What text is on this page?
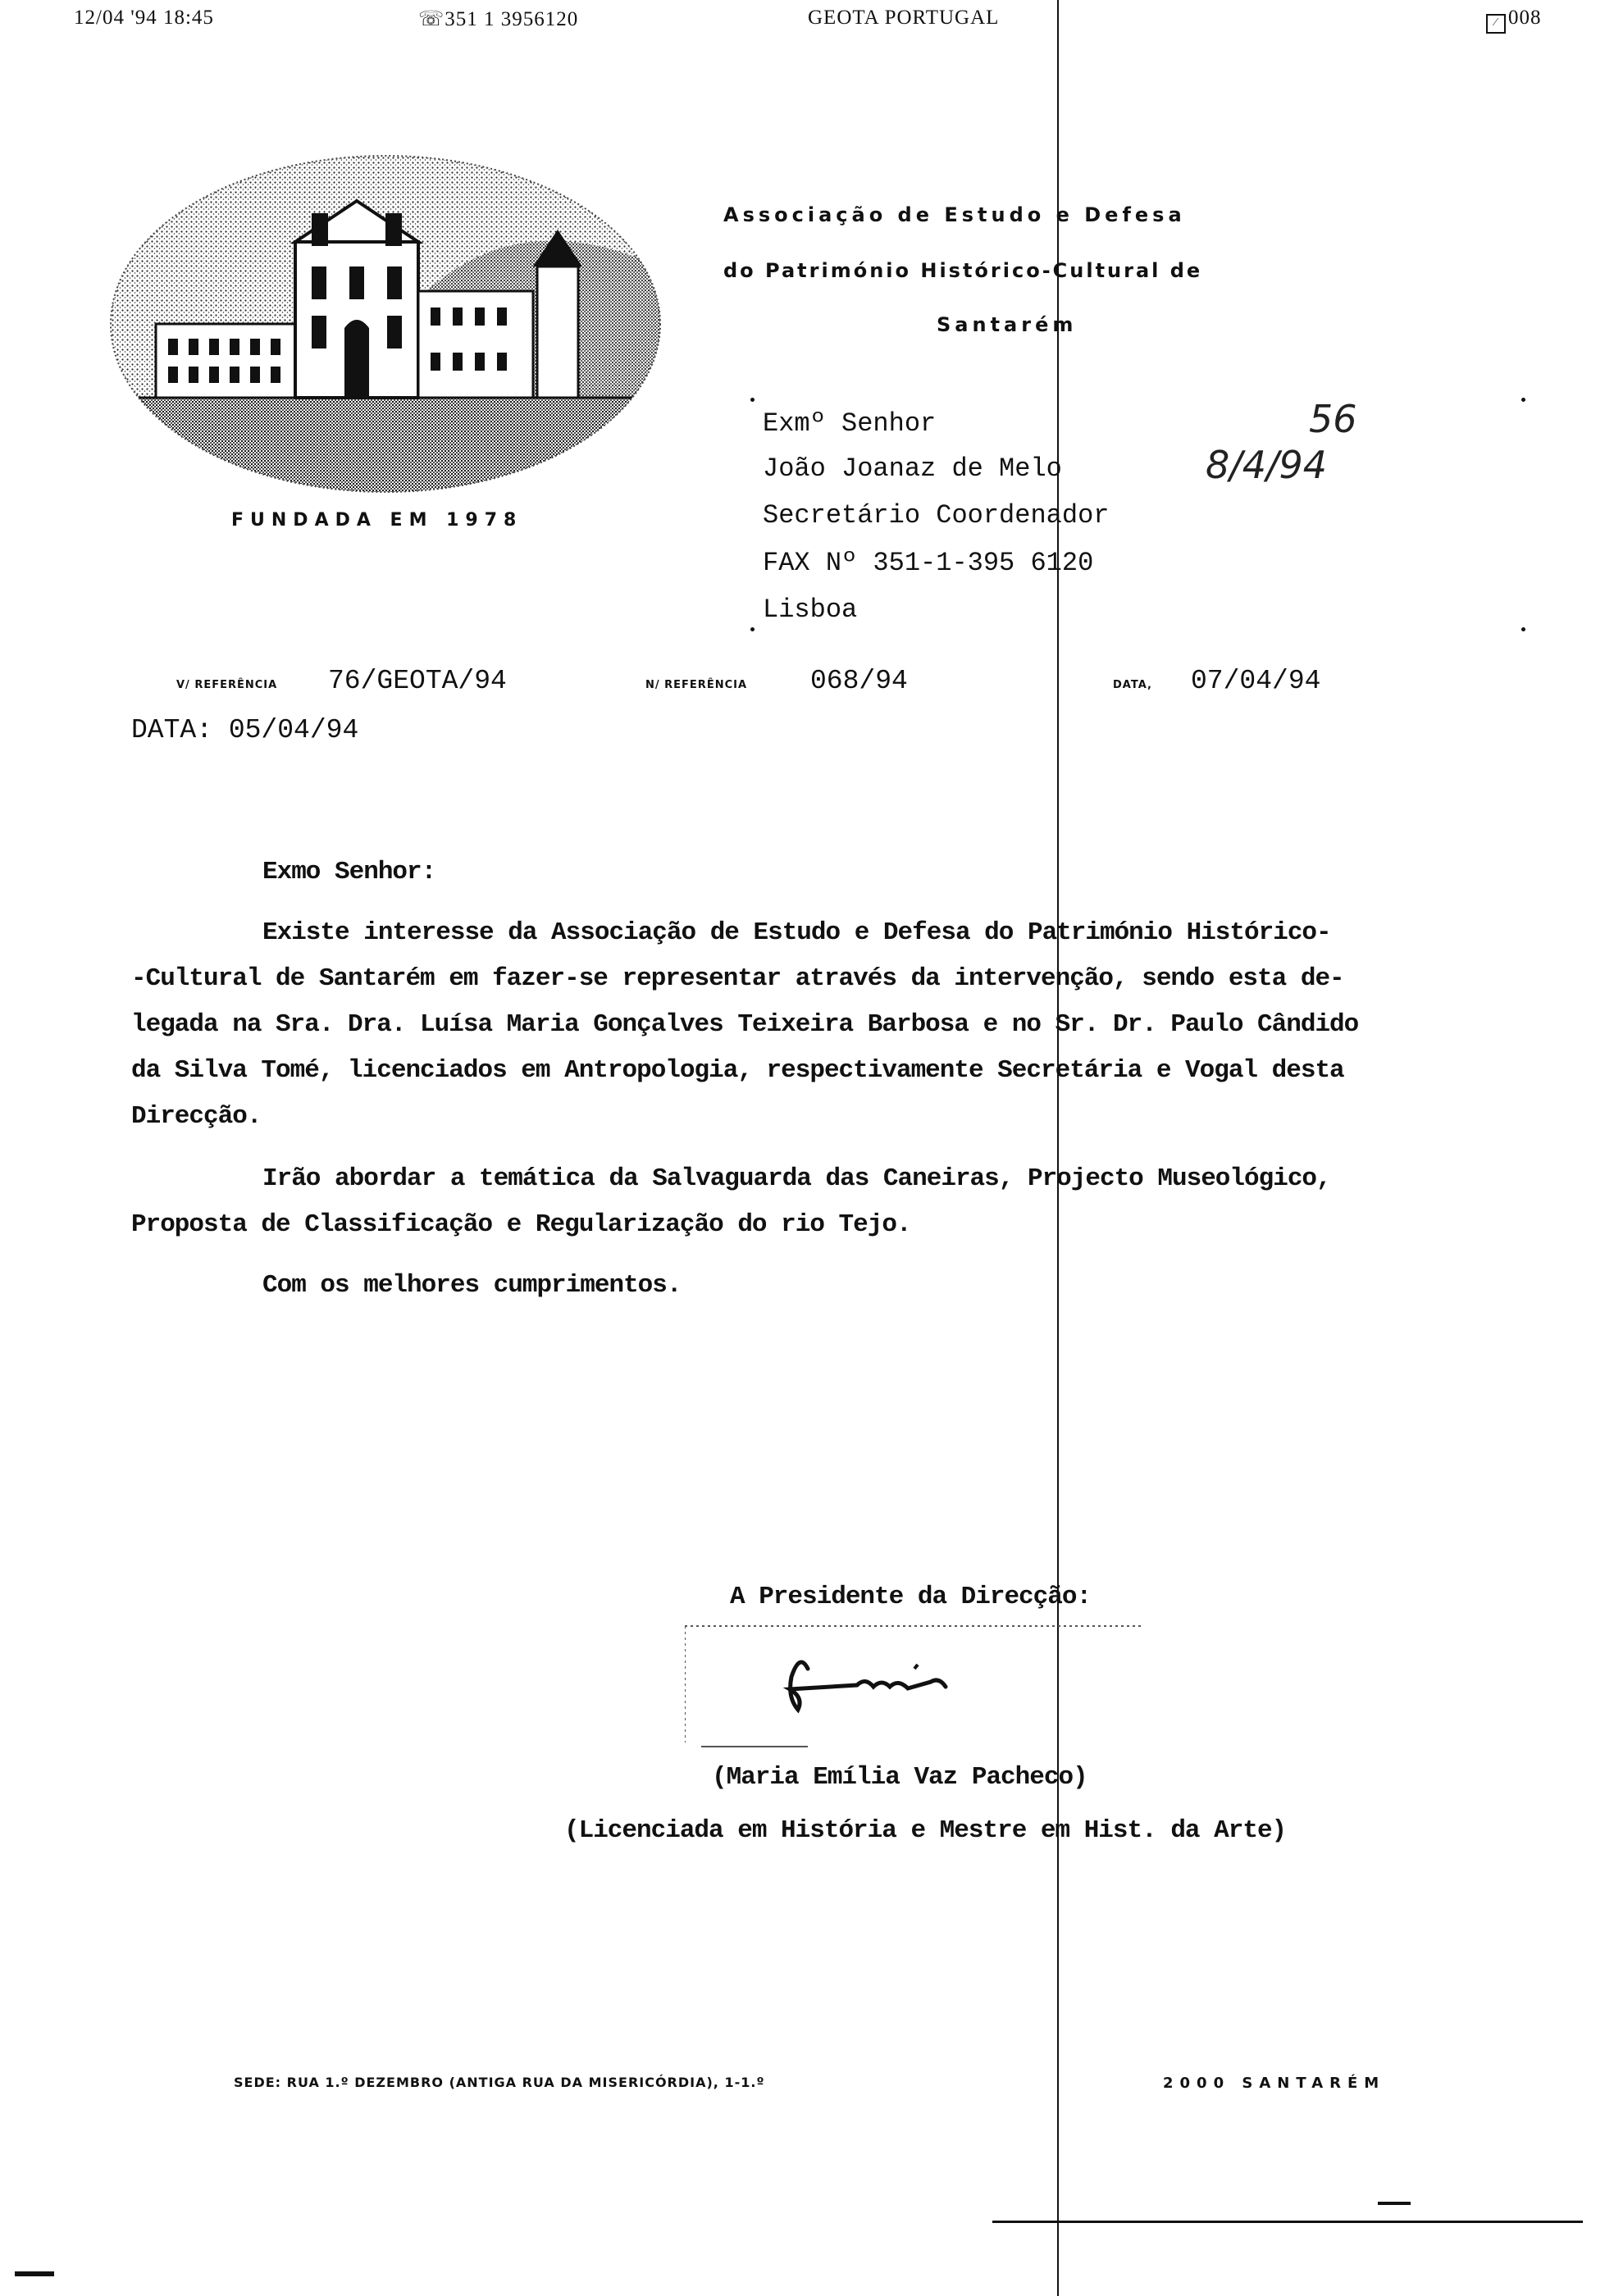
12/04 '94 18:45	☏351 1 3956120	GEOTA PORTUGAL	⁄ 008
FUNDADA EM 1978
Associação de Estudo e Defesa
do Património Histórico-Cultural de
Santarém
Exmº Senhor
João Joanaz de Melo
Secretário Coordenador
FAX Nº 351-1-395 6120
Lisboa
56
8/4/94
V/ REFERÊNCIA 76/GEOTA/94	N/ REFERÊNCIA 068/94	DATA, 07/04/94
DATA: 05/04/94
Exmo Senhor:
Existe interesse da Associação de Estudo e Defesa do Património Histórico-
-Cultural de Santarém em fazer-se representar através da intervenção, sendo esta de-
legada na Sra. Dra. Luísa Maria Gonçalves Teixeira Barbosa e no Sr. Dr. Paulo Cândido
da Silva Tomé, licenciados em Antropologia, respectivamente Secretária e Vogal desta
Direcção.
Irão abordar a temática da Salvaguarda das Caneiras, Projecto Museológico,
Proposta de Classificação e Regularização do rio Tejo.
Com os melhores cumprimentos.
A Presidente da Direcção:
(Maria Emília Vaz Pacheco)
(Licenciada em História e Mestre em Hist. da Arte)
SEDE: RUA 1.º DEZEMBRO (ANTIGA RUA DA MISERICÓRDIA), 1-1.º	2000 SANTARÉM
